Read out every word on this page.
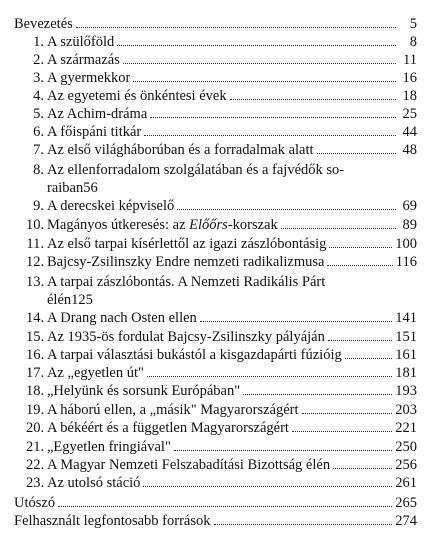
Bevezetés	5
1. A szülőföld	8
2. A származás	11
3. A gyermekkor	16
4. Az egyetemi és önkéntesi évek	18
5. Az Achim-dráma	25
6. A főispáni titkár	44
7. Az első világháborúban és a forradalmak alatt	48
8. Az ellenforradalom szolgálatában és a fajvédők so-
raiban 56
9. A derecskei képviselő	69
10. Magányos útkeresés: az Előőrs-korszak	89
11. Az első tarpai kísérlettől az igazi zászlóbontásig	100
12. Bajcsy-Zsilinszky Endre nemzeti radikalizmusa	116
13. A tarpai zászlóbontás. A Nemzeti Radikális Párt
élén 125
14. A Drang nach Osten ellen	141
15. Az 1935-ös fordulat Bajcsy-Zsilinszky pályáján	151
16. A tarpai választási bukástól a kisgazdapárti fúzióig	161
17. Az „egyetlen út"	181
18. „Helyünk és sorsunk Európában"	193
19. A háború ellen, a „másik" Magyarországért	203
20. A békéért és a független Magyarországért	221
21. „Egyetlen fringiával"	250
22. A Magyar Nemzeti Felszabadítási Bizottság élén	256
23. Az utolsó stáció	261
Utószó	265
Felhasznált legfontosabb források	274
